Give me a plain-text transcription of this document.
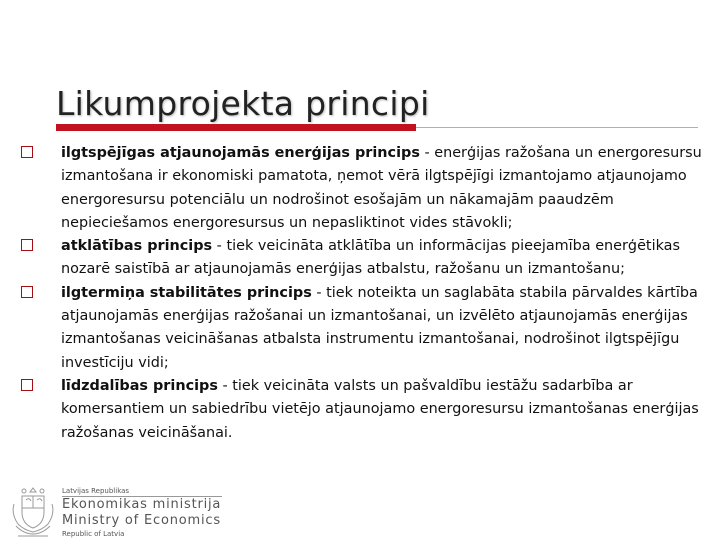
Likumprojekta principi
ilgtspējīgas atjaunojamās enerģijas princips - enerģijas ražošana un energoresursu izmantošana ir ekonomiski pamatota, ņemot vērā ilgtspējīgi izmantojamo atjaunojamo energoresursu potenciālu un nodrošinot esošajām un nākamajām paaudzēm nepieciešamos energoresursus un nepasliktinot vides stāvokli;
atklātības princips - tiek veicināta atklātība un informācijas pieejamība enerģētikas nozarē saistībā ar atjaunojamās enerģijas atbalstu, ražošanu un izmantošanu;
ilgtermiņa stabilitātes princips - tiek noteikta un saglabāta stabila pārvaldes kārtība atjaunojamās enerģijas ražošanai un izmantošanai, un izvēlēto atjaunojamās enerģijas izmantošanas veicināšanas atbalsta instrumentu izmantošanai, nodrošinot ilgtspējīgu investīciju vidi;
līdzdalības princips - tiek veicināta valsts un pašvaldību iestāžu sadarbība ar komersantiem un sabiedrību vietējo atjaunojamo energoresursu izmantošanas enerģijas ražošanas veicināšanai.
Latvijas Republikas
Ekonomikas ministrija
Ministry of Economics
Republic of Latvia
